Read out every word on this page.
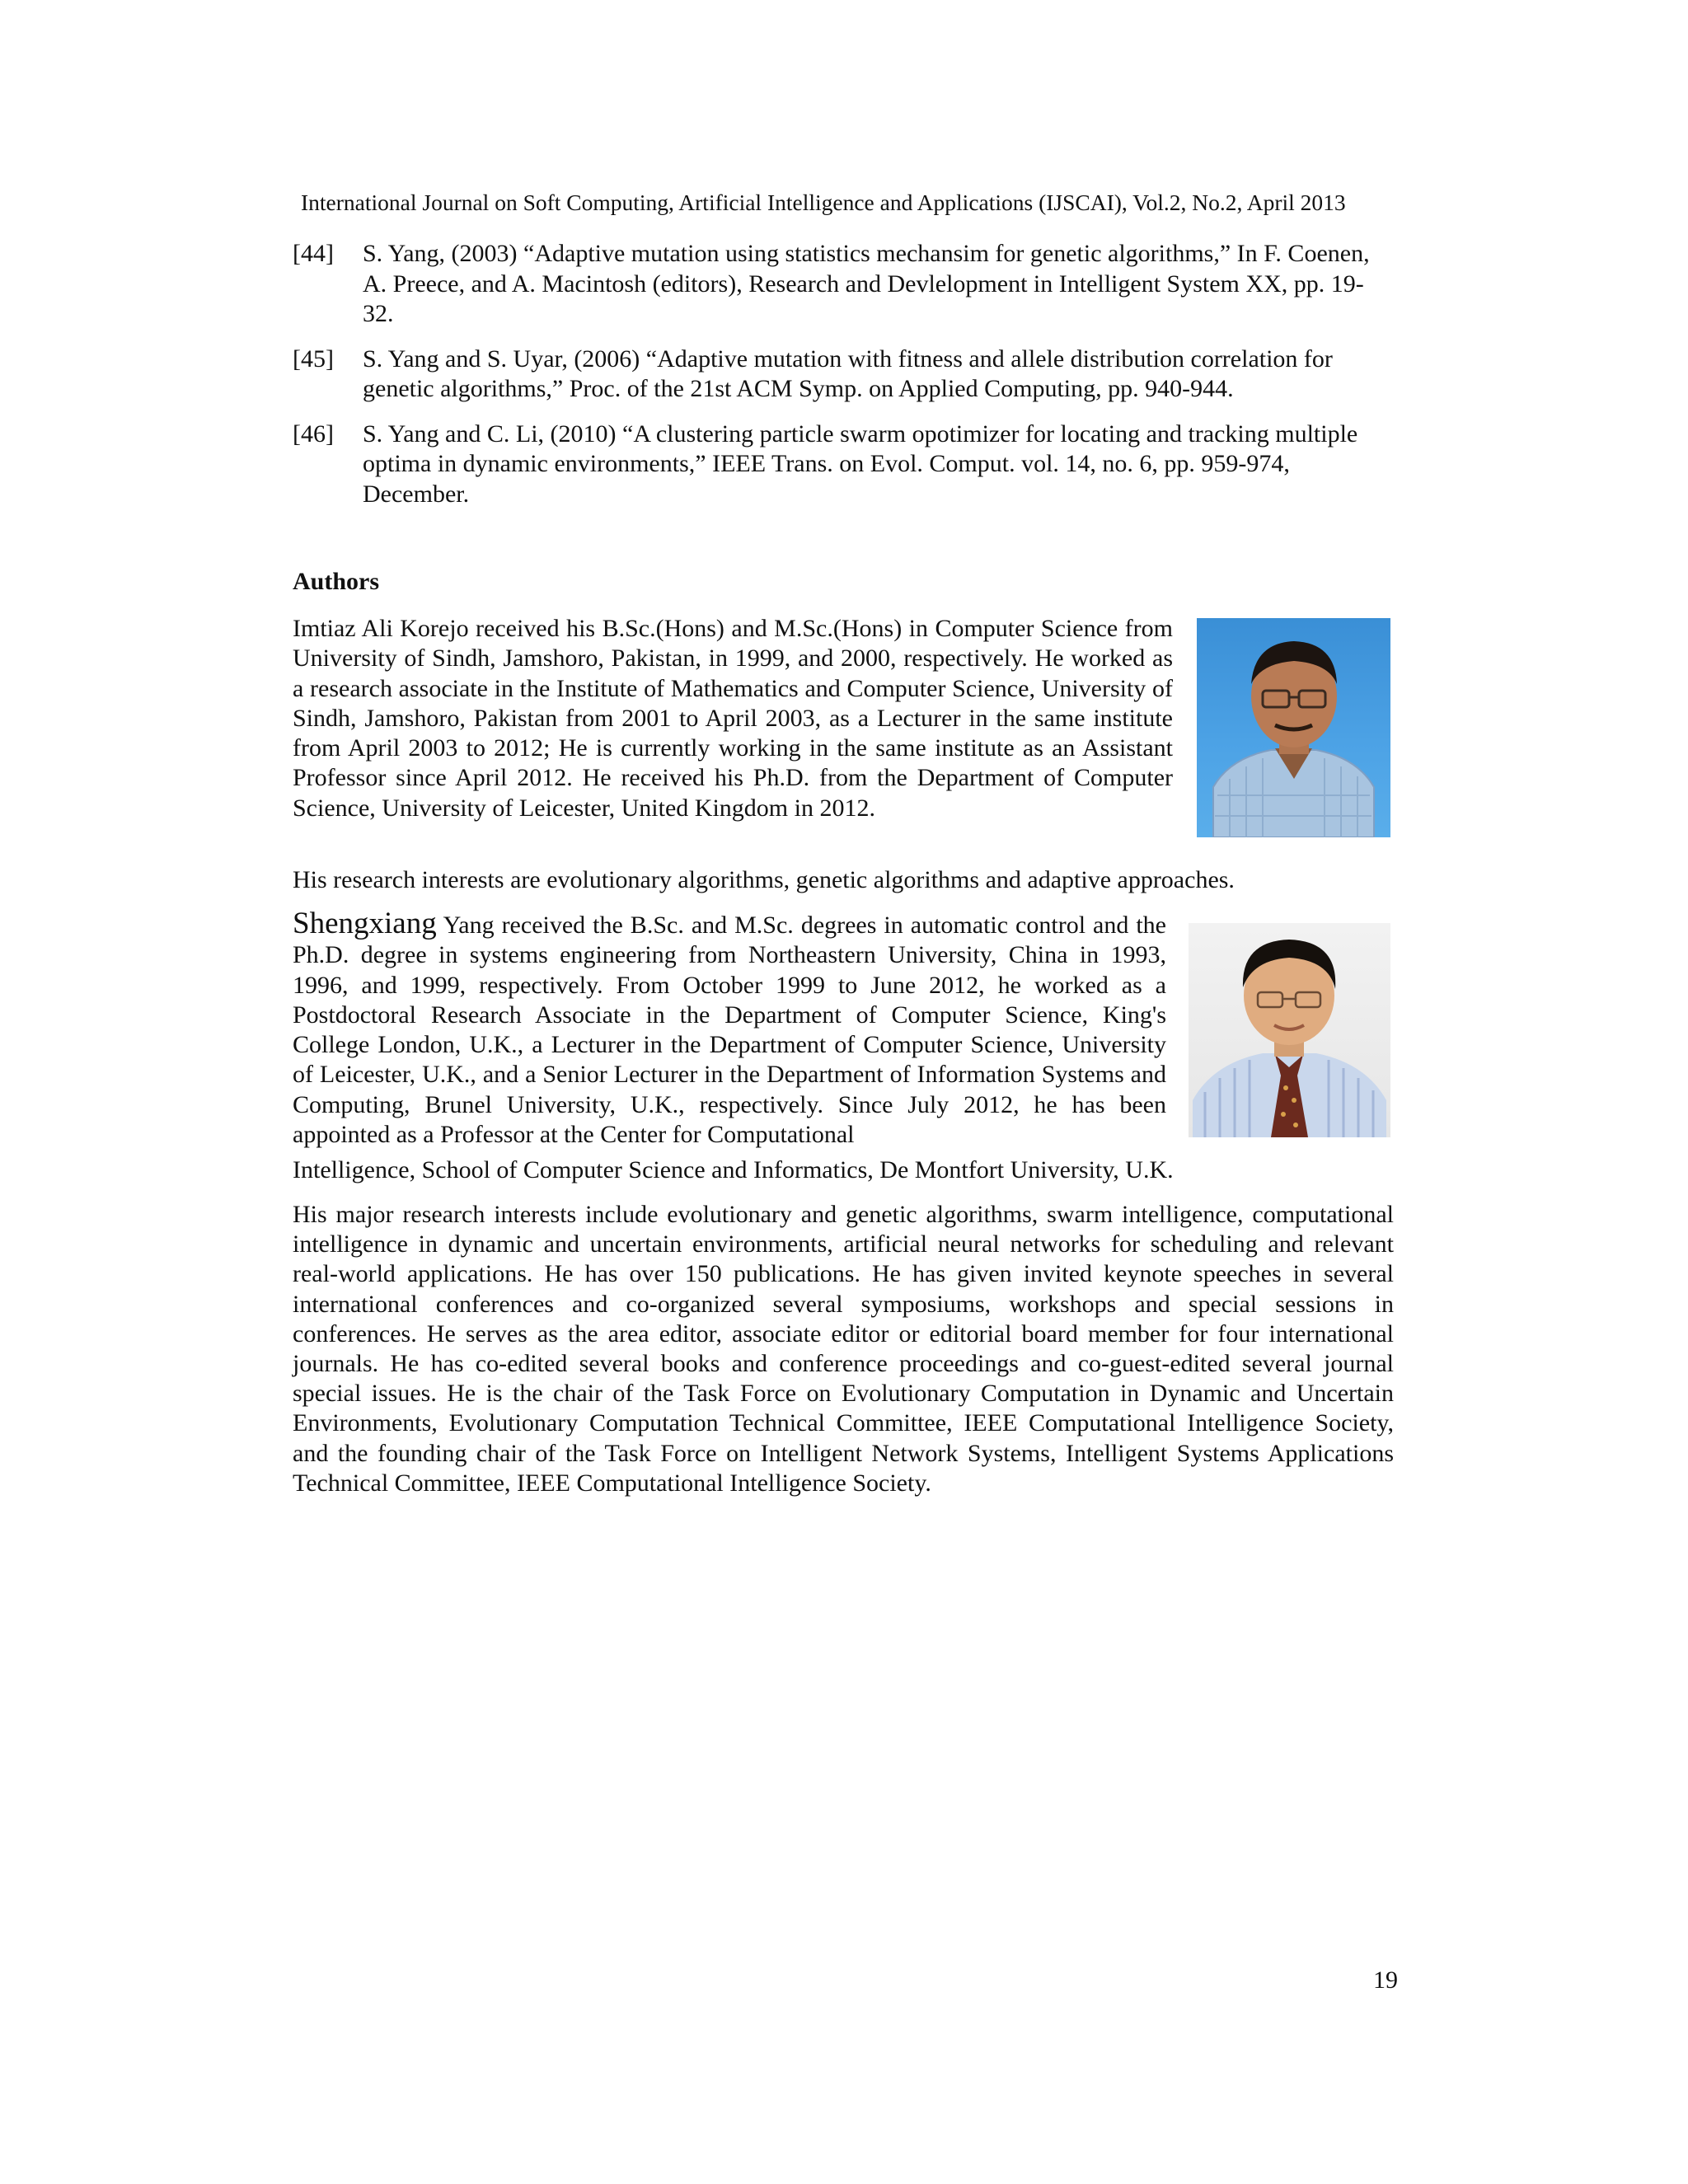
International Journal on Soft Computing, Artificial Intelligence and Applications (IJSCAI), Vol.2, No.2, April 2013
[44] S. Yang, (2003) “Adaptive mutation using statistics mechansim for genetic algorithms,” In F. Coenen, A. Preece, and A. Macintosh (editors), Research and Devlelopment in Intelligent System XX, pp. 19-32.
[45] S. Yang and S. Uyar, (2006) “Adaptive mutation with fitness and allele distribution correlation for genetic algorithms,” Proc. of the 21st ACM Symp. on Applied Computing, pp. 940-944.
[46] S. Yang and C. Li, (2010) “A clustering particle swarm opotimizer for locating and tracking multiple optima in dynamic environments,” IEEE Trans. on Evol. Comput. vol. 14, no. 6, pp. 959-974, December.
Authors
Imtiaz Ali Korejo received his B.Sc.(Hons) and M.Sc.(Hons) in Computer Science from University of Sindh, Jamshoro, Pakistan, in 1999, and 2000, respectively. He worked as a research associate in the Institute of Mathematics and Computer Science, University of Sindh, Jamshoro, Pakistan from 2001 to April 2003, as a Lecturer in the same institute from April 2003 to 2012; He is currently working in the same institute as an Assistant Professor since April 2012. He received his Ph.D. from the Department of Computer Science, University of Leicester, United Kingdom in 2012.
His research interests are evolutionary algorithms, genetic algorithms and adaptive approaches.
Shengxiang Yang received the B.Sc. and M.Sc. degrees in automatic control and the Ph.D. degree in systems engineering from Northeastern University, China in 1993, 1996, and 1999, respectively. From October 1999 to June 2012, he worked as a Postdoctoral Research Associate in the Department of Computer Science, King's College London, U.K., a Lecturer in the Department of Computer Science, University of Leicester, U.K., and a Senior Lecturer in the Department of Information Systems and Computing, Brunel University, U.K., respectively. Since July 2012, he has been appointed as a Professor at the Center for Computational
Intelligence, School of Computer Science and Informatics, De Montfort University, U.K.
His major research interests include evolutionary and genetic algorithms, swarm intelligence, computational intelligence in dynamic and uncertain environments, artificial neural networks for scheduling and relevant real-world applications. He has over 150 publications. He has given invited keynote speeches in several international conferences and co-organized several symposiums, workshops and special sessions in conferences. He serves as the area editor, associate editor or editorial board member for four international journals. He has co-edited several books and conference proceedings and co-guest-edited several journal special issues. He is the chair of the Task Force on Evolutionary Computation in Dynamic and Uncertain Environments, Evolutionary Computation Technical Committee, IEEE Computational Intelligence Society, and the founding chair of the Task Force on Intelligent Network Systems, Intelligent Systems Applications Technical Committee, IEEE Computational Intelligence Society.
19
